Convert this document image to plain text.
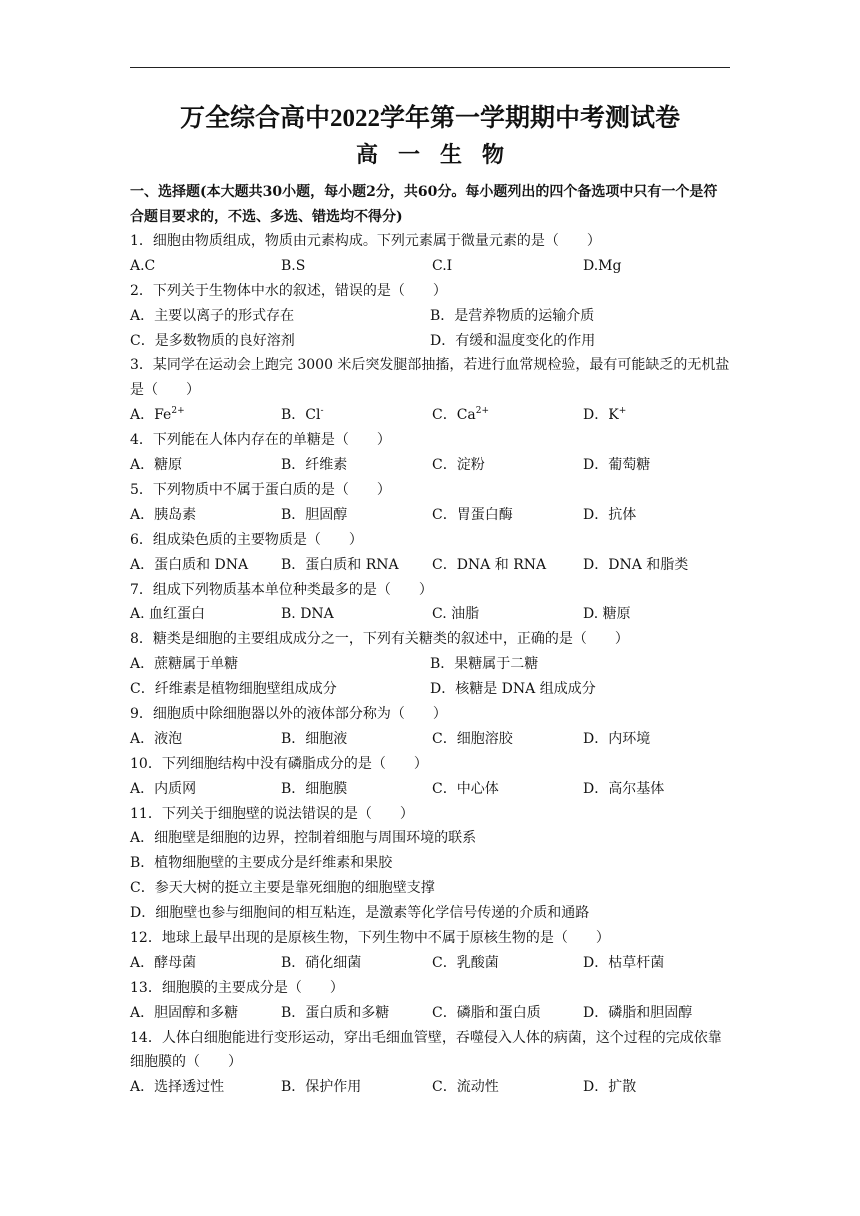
万全综合高中2022学年第一学期期中考测试卷
高一生物
一、选择题(本大题共30小题，每小题2分，共60分。每小题列出的四个备选项中只有一个是符合题目要求的，不选、多选、错选均不得分)
1．细胞由物质组成，物质由元素构成。下列元素属于微量元素的是（　　）
A.C	B.S	C.I	D.Mg
2．下列关于生物体中水的叙述，错误的是（　　）
A．主要以离子的形式存在	B．是营养物质的运输介质
C．是多数物质的良好溶剂	D．有缓和温度变化的作用
3．某同学在运动会上跑完 3000 米后突发腿部抽搐，若进行血常规检验，最有可能缺乏的无机盐是（　　）
A．$Fe^{2+}$	B．Cl-	C．$Ca^{2+}$	D．K+
4．下列能在人体内存在的单糖是（　　）
A．糖原	B．纤维素	C．淀粉	D．葡萄糖
5．下列物质中不属于蛋白质的是（　　）
A．胰岛素	B．胆固醇	C．胃蛋白酶	D．抗体
6．组成染色质的主要物质是（　　）
A．蛋白质和 DNA	B．蛋白质和 RNA	C．DNA 和 RNA	D．DNA 和脂类
7．组成下列物质基本单位种类最多的是（　　）
A. 血红蛋白	B. DNA	C. 油脂	D. 糖原
8．糖类是细胞的主要组成成分之一，下列有关糖类的叙述中，正确的是（　　）
A．蔗糖属于单糖	B．果糖属于二糖
C．纤维素是植物细胞壁组成成分	D．核糖是 DNA 组成成分
9．细胞质中除细胞器以外的液体部分称为（　　）
A．液泡	B．细胞液	C．细胞溶胶	D．内环境
10．下列细胞结构中没有磷脂成分的是（　　）
A．内质网	B．细胞膜	C．中心体	D．高尔基体
11．下列关于细胞壁的说法错误的是（　　）
A．细胞壁是细胞的边界，控制着细胞与周围环境的联系
B．植物细胞壁的主要成分是纤维素和果胶
C．参天大树的挺立主要是靠死细胞的细胞壁支撑
D．细胞壁也参与细胞间的相互粘连，是激素等化学信号传递的介质和通路
12．地球上最早出现的是原核生物，下列生物中不属于原核生物的是（　　）
A．酵母菌	B．硝化细菌	C．乳酸菌	D．枯草杆菌
13．细胞膜的主要成分是（　　）
A．胆固醇和多糖	B．蛋白质和多糖	C．磷脂和蛋白质	D．磷脂和胆固醇
14．人体白细胞能进行变形运动，穿出毛细血管壁，吞噬侵入人体的病菌，这个过程的完成依靠细胞膜的（　　）
A．选择透过性	B．保护作用	C．流动性	D．扩散
